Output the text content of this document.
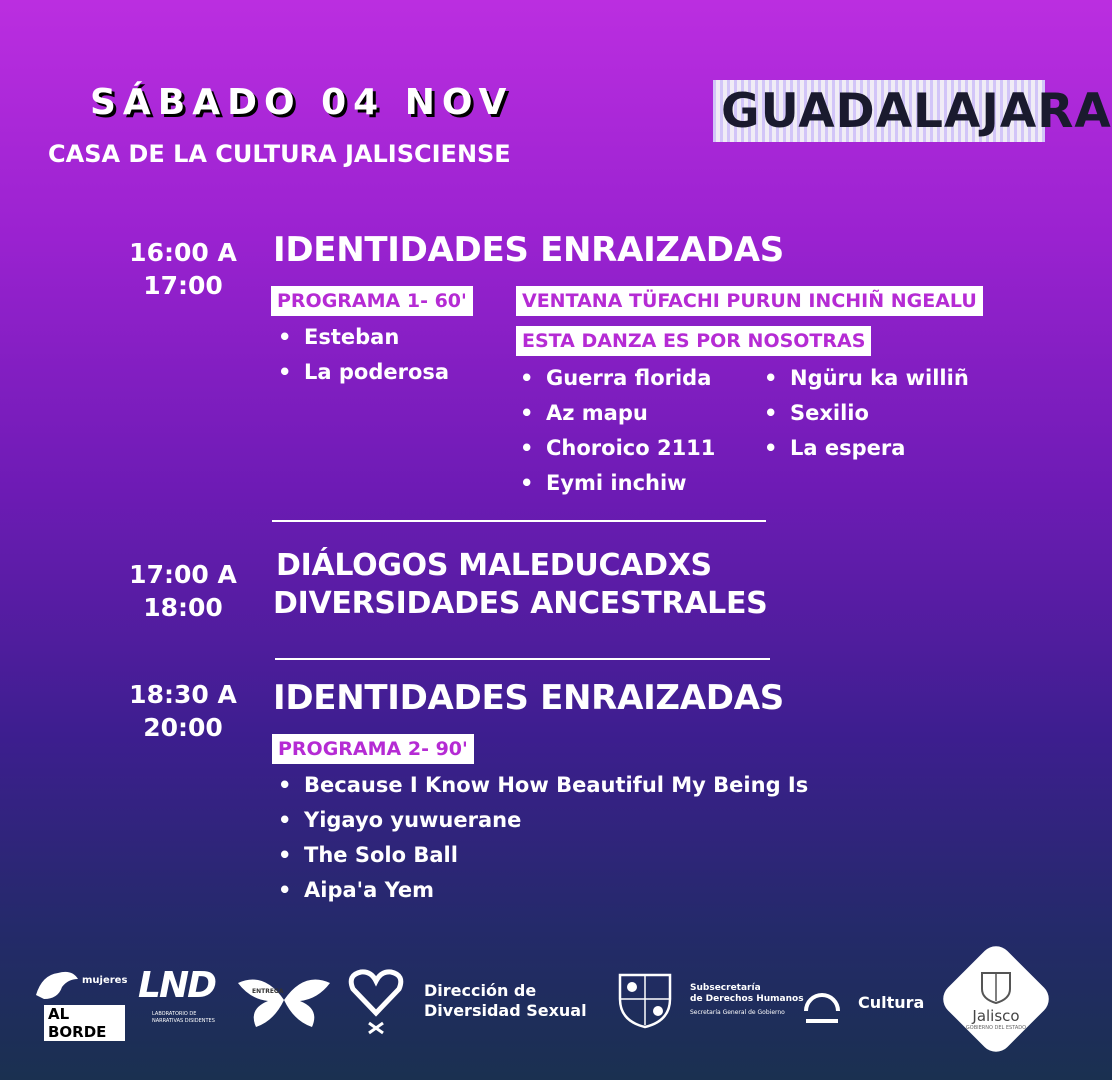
SÁBADO 04 NOV
CASA DE LA CULTURA JALISCIENSE
GUADALAJARA
16:00 A
17:00
IDENTIDADES ENRAIZADAS
PROGRAMA 1- 60'
• Esteban
• La poderosa
VENTANA TÜFACHI PURUN INCHIÑ NGEALU
ESTA DANZA ES POR NOSOTRAS
• Guerra florida
• Az mapu
• Choroico 2111
• Eymi inchiw
• Ngüru ka williñ
• Sexilio
• La espera
17:00 A
18:00
DIÁLOGOS MALEDUCADXS
DIVERSIDADES ANCESTRALES
18:30 A
20:00
IDENTIDADES ENRAIZADAS
PROGRAMA 2- 90'
• Because I Know How Beautiful My Being Is
• Yigayo yuwuerane
• The Solo Ball
• Aipa'a Yem
mujeres
AL BORDE
LND
LABORATORIO DE NARRATIVAS DISIDENTES
ENTREGA	Dirección de
Diversidad Sexual
Subsecretaría
de Derechos Humanos
Secretaría General de Gobierno
Cultura
Jalisco
GOBIERNO DEL ESTADO
